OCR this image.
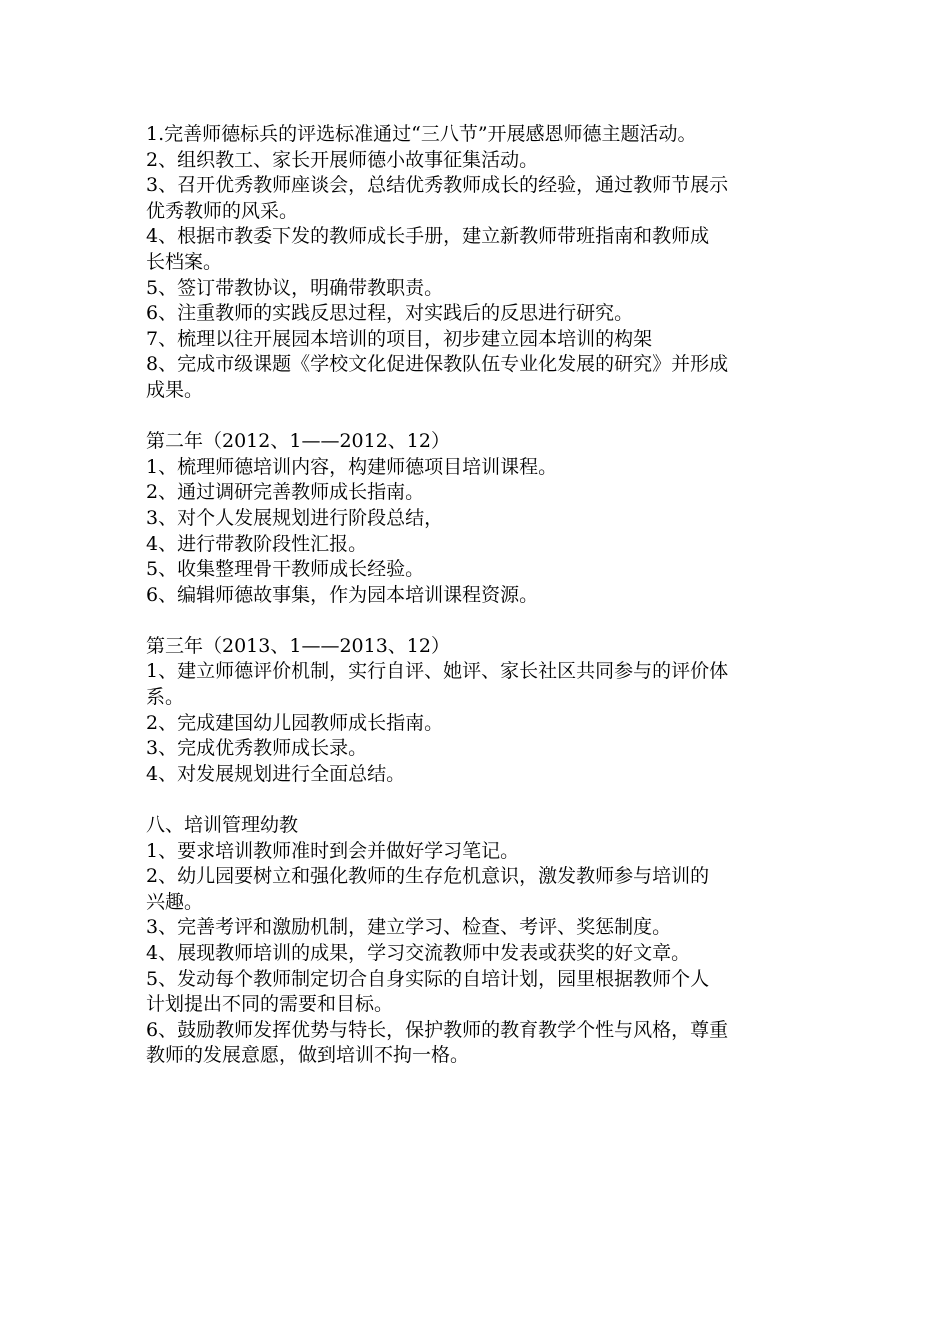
1.完善师德标兵的评选标准通过“三八节”开展感恩师德主题活动。
2、组织教工、家长开展师德小故事征集活动。
3、召开优秀教师座谈会，总结优秀教师成长的经验，通过教师节展示
优秀教师的风采。
4、根据市教委下发的教师成长手册，建立新教师带班指南和教师成
长档案。
5、签订带教协议，明确带教职责。
6、注重教师的实践反思过程，对实践后的反思进行研究。
7、梳理以往开展园本培训的项目，初步建立园本培训的构架
8、完成市级课题《学校文化促进保教队伍专业化发展的研究》并形成
成果。
第二年（2012、1——2012、12）
1、梳理师德培训内容，构建师德项目培训课程。
2、通过调研完善教师成长指南。
3、对个人发展规划进行阶段总结，
4、进行带教阶段性汇报。
5、收集整理骨干教师成长经验。
6、编辑师德故事集，作为园本培训课程资源。
第三年（2013、1——2013、12）
1、建立师德评价机制，实行自评、她评、家长社区共同参与的评价体
系。
2、完成建国幼儿园教师成长指南。
3、完成优秀教师成长录。
4、对发展规划进行全面总结。
八、培训管理幼教
1、要求培训教师准时到会并做好学习笔记。
2、幼儿园要树立和强化教师的生存危机意识，激发教师参与培训的
兴趣。
3、完善考评和激励机制，建立学习、检查、考评、奖惩制度。
4、展现教师培训的成果，学习交流教师中发表或获奖的好文章。
5、发动每个教师制定切合自身实际的自培计划，园里根据教师个人
计划提出不同的需要和目标。
6、鼓励教师发挥优势与特长，保护教师的教育教学个性与风格，尊重
教师的发展意愿，做到培训不拘一格。
